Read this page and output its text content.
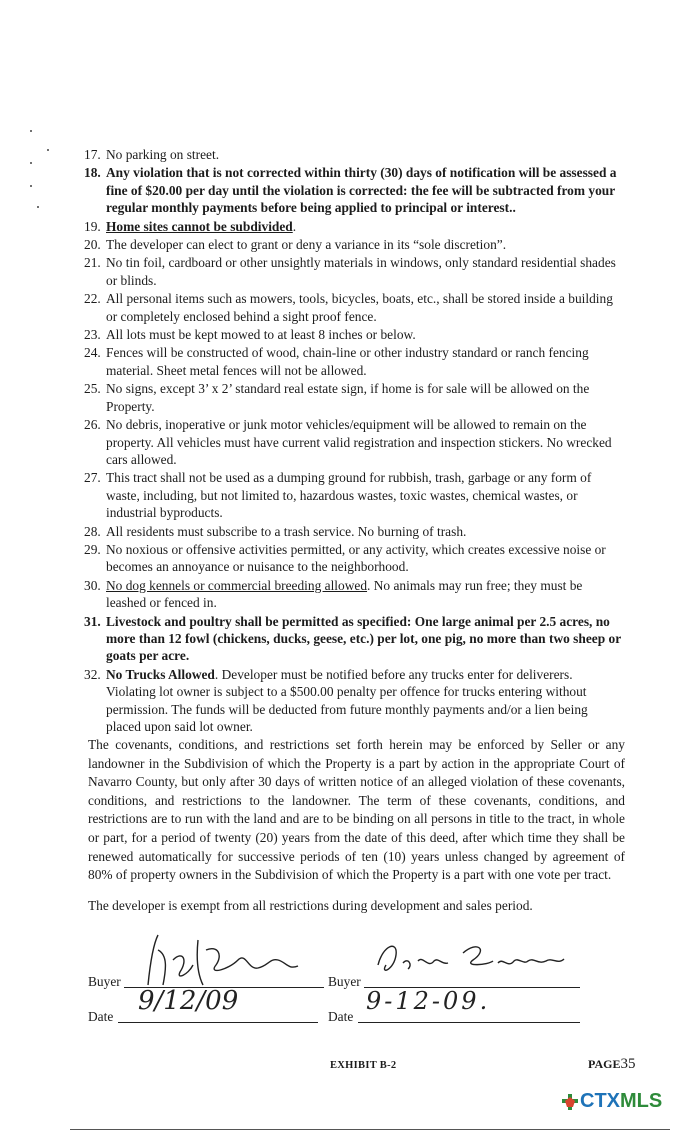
17. No parking on street.
18. Any violation that is not corrected within thirty (30) days of notification will be assessed a fine of $20.00 per day until the violation is corrected: the fee will be subtracted from your regular monthly payments before being applied to principal or interest..
19. Home sites cannot be subdivided.
20. The developer can elect to grant or deny a variance in its “sole discretion”.
21. No tin foil, cardboard or other unsightly materials in windows, only standard residential shades or blinds.
22. All personal items such as mowers, tools, bicycles, boats, etc., shall be stored inside a building or completely enclosed behind a sight proof fence.
23. All lots must be kept mowed to at least 8 inches or below.
24. Fences will be constructed of wood, chain-line or other industry standard or ranch fencing material. Sheet metal fences will not be allowed.
25. No signs, except 3’ x 2’ standard real estate sign, if home is for sale will be allowed on the Property.
26. No debris, inoperative or junk motor vehicles/equipment will be allowed to remain on the property. All vehicles must have current valid registration and inspection stickers. No wrecked cars allowed.
27. This tract shall not be used as a dumping ground for rubbish, trash, garbage or any form of waste, including, but not limited to, hazardous wastes, toxic wastes, chemical wastes, or industrial byproducts.
28. All residents must subscribe to a trash service. No burning of trash.
29. No noxious or offensive activities permitted, or any activity, which creates excessive noise or becomes an annoyance or nuisance to the neighborhood.
30. No dog kennels or commercial breeding allowed. No animals may run free; they must be leashed or fenced in.
31. Livestock and poultry shall be permitted as specified: One large animal per 2.5 acres, no more than 12 fowl (chickens, ducks, geese, etc.) per lot, one pig, no more than two sheep or goats per acre.
32. No Trucks Allowed. Developer must be notified before any trucks enter for deliverers. Violating lot owner is subject to a $500.00 penalty per offence for trucks entering without permission. The funds will be deducted from future monthly payments and/or a lien being placed upon said lot owner.
The covenants, conditions, and restrictions set forth herein may be enforced by Seller or any landowner in the Subdivision of which the Property is a part by action in the appropriate Court of Navarro County, but only after 30 days of written notice of an alleged violation of these covenants, conditions, and restrictions to the landowner. The term of these covenants, conditions, and restrictions are to run with the land and are to be binding on all persons in title to the tract, in whole or part, for a period of twenty (20) years from the date of this deed, after which time they shall be renewed automatically for successive periods of ten (10) years unless changed by agreement of 80% of property owners in the Subdivision of which the Property is a part with one vote per tract.
The developer is exempt from all restrictions during development and sales period.
Buyer
Date
9/12/09
Buyer
Date
9-12-09.
EXHIBIT B-2	PAGE35
CTX MLS
